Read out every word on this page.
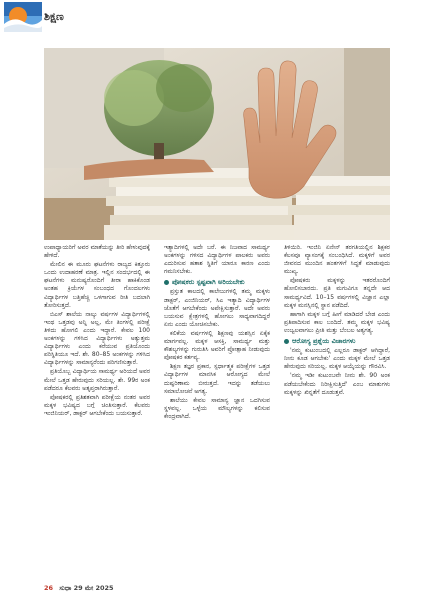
ಶಿಕ್ಷಣ

ಉಪಾಧ್ಯಾಯರಿಗೆ ಅವರ ಮಾತೆಯನ್ನು ತೀರಿ ಹೇಳುವುದಕ್ಕೆ ಹೇಳಿದೆ.

ಮೇಲಿನ ಈ ಮೂರು ಘಟನೆಗಳು ರಾಜ್ಯದ ಕಿತ್ತೂರು ಒಂದು ಉದಾಹರಣೆ ಮಾತ್ರ. ಇಲ್ಲಿನ ಸಂದರ್ಭದಲ್ಲಿ ಈ ಘಟನೆಗಳು ಮನುಷ್ಯರೊಂದಿಗೆ ತೀರಾ ಹಾಕಿಕೊಂಡ ಅಂತಹ ಕ್ರಿಯೆಗಳ ಸಂಬಂಧದ ಗೊಂದಲಗಳು ವಿದ್ಯಾರ್ಥಿಗಳ ಬತ್ತಿಹೆಚ್ಚಿ ಒಳಗಾಗುವ ರೀತಿ ಬದಲಾಗಿ ತೋರಿಸುತ್ತದೆ.

ಬಿಎಸ್ ಶಾಲೆಯ ನಾಲ್ಕು ವರ್ಷಗಳ ವಿದ್ಯಾರ್ಥಿಗಳಲ್ಲಿ ಇಂಥ ಒತ್ತಡವು ಅನ್ನಿ ಅಲ್ಲ, ಮೇ ತಿಂಗಳಲ್ಲಿ ಪರೀಕ್ಷೆ ತಿಳಿದು ಹೋಗಲಿ ಎಂದು ಇದ್ದಾರೆ. ಕೇವಲ 100 ಅಂಕಗಳನ್ನು ಗಳಿಸಿದ ವಿದ್ಯಾರ್ಥಿಗಳು ಅತ್ಯುತ್ತಮ ವಿದ್ಯಾರ್ಥಿಗಳು ಎಂದು ಕರೆಯುವ ಪ್ರತಿಯೊಂದು ಪರಿಸ್ಥಿತಿಯೂ ಇದೆ. ಶೇ. 80–85 ಅಂಕಗಳನ್ನು ಗಳಿಸಿದ ವಿದ್ಯಾರ್ಥಿಗಳನ್ನು ಸಾಮಾನ್ಯರೆಂದು ಪರಿಗಣಿಸುತ್ತಾರೆ.

ಪ್ರತಿಯೊಬ್ಬ ವಿದ್ಯಾರ್ಥಿಯ ಸಾಮರ್ಥ್ಯ ಅರಿಯದೆ ಅವರ ಮೇಲೆ ಒತ್ತಡ ಹೇರುವುದು ಸರಿಯಲ್ಲ. ಶೇ. 99ರ ಅಂಕ ಪಡೆದರೂ ಕೆಲವರು ಅತೃಪ್ತರಾಗಿರುತ್ತಾರೆ.

ಪೋಷಕರಲ್ಲಿ ಪ್ರತಿಶತವಾಗಿ ಪರೀಕ್ಷೆಯ ನಂತರ ಅವರ ಮಕ್ಕಳ ಭವಿಷ್ಯದ ಬಗ್ಗೆ ಚಿಂತಿಸುತ್ತಾರೆ. ಕೆಲವರು ಇಂಜಿನಿಯರ್, ಡಾಕ್ಟರ್ ಆಗಬೇಕೆಂದು ಬಯಸುತ್ತಾರೆ.

ಇತ್ಯಾದಿಗಳಲ್ಲಿ ಅದೇ ಬರೆ. ಈ ನಿಜವಾದ ಸಾಮರ್ಥ್ಯ ಅಂಕಗಳನ್ನು ಗಳಿಸದ ವಿದ್ಯಾರ್ಥಿಗಳ ಪಾಲಕರು ಅವರು ಎದುರಿಸುವ ಹತಾಶ ಸ್ಥಿತಿಗೆ ಯಾರೂ ಕಾರಣ ಎಂದು ಗಮನಿಸಬೇಕು.

ಪೋಷಕರು ಸ್ಪಷ್ಟವಾಗಿ ಅರಿಯಬೇಕು

ಪ್ರಸ್ತುತ ಕಾಲದಲ್ಲಿ ಕಾಲೇಜುಗಳಲ್ಲಿ ತಮ್ಮ ಮಕ್ಕಳು ಡಾಕ್ಟರ್, ಎಂಜಿನಿಯರ್, ಸಿಎ ಇತ್ಯಾದಿ ವಿದ್ಯಾರ್ಥಿಗಳ ಜೊತೆಗೆ ಆಗಬೇಕೆಂದು ಅಪೇಕ್ಷಿಸುತ್ತಾರೆ. ಅದೇ ಅವರು ಬಯಸುವ ಕ್ಷೇತ್ರಗಳಲ್ಲಿ ಹೋಗಲು ಸಾಧ್ಯವಾಗದಿದ್ದರೆ ಏನು ಎಂದು ಯೋಚಿಸಬೇಕು.

ಕಲಿಕೆಯ ವರ್ಷಗಳಲ್ಲಿ ಶಿಕ್ಷಣವು ಯಶಸ್ಸಿನ ಏಕೈಕ ಮಾರ್ಗವಲ್ಲ. ಮಕ್ಕಳ ಆಸಕ್ತಿ, ಸಾಮರ್ಥ್ಯ ಮತ್ತು ಕೌಶಲ್ಯಗಳನ್ನು ಗುರುತಿಸಿ ಅವರಿಗೆ ಪ್ರೋತ್ಸಾಹ ನೀಡುವುದು ಪೋಷಕರ ಕರ್ತವ್ಯ.

ಶಿಕ್ಷಣ ತಜ್ಞರ ಪ್ರಕಾರ, ಸ್ಪರ್ಧಾತ್ಮಕ ಪರೀಕ್ಷೆಗಳ ಒತ್ತಡ ವಿದ್ಯಾರ್ಥಿಗಳ ಮಾನಸಿಕ ಆರೋಗ್ಯದ ಮೇಲೆ ದುಷ್ಪರಿಣಾಮ ಬೀರುತ್ತದೆ. ಇದನ್ನು ತಡೆಯಲು ಸಮಾಲೋಚನೆ ಅಗತ್ಯ.

ಶಾಲೆಯು ಕೇವಲ ಸಾಮಾನ್ಯ ಜ್ಞಾನ ಒದಗಿಸುವ ಸ್ಥಳವಲ್ಲ. ಒಳ್ಳೆಯ ಮೌಲ್ಯಗಳನ್ನು ಕಲಿಸುವ ಕೇಂದ್ರವಾಗಿದೆ.

ತಿಳಿಯಿರಿ. ಇಂಜಿನಿ ಏನೇನ್ ತರಗತಿಯಲ್ಲಿನ ಶಿಕ್ಷಕರ ಕೆಲಸವೂ ವ್ಯಾಸಂಗಕ್ಕೆ ಸಂಬಂಧಿಸಿದೆ. ಮಕ್ಕಳಿಗೆ ಅವರ ಜೀವನದ ಮುಂದಿನ ಹಂತಗಳಿಗೆ ಸಿದ್ಧತೆ ಮಾಡುವುದು ಮುಖ್ಯ.

ಪೋಷಕರು ಮಕ್ಕಳನ್ನು ಇತರರೊಂದಿಗೆ ಹೋಲಿಸಬಾರದು. ಪ್ರತಿ ಮಗುವಿಗೂ ತನ್ನದೇ ಆದ ಸಾಮರ್ಥ್ಯವಿದೆ. 10–15 ವರ್ಷಗಳಲ್ಲಿ ವಿಜ್ಞಾನ ಎಲ್ಲಾ ಮಕ್ಕಳ ಮನಸ್ಸಿನಲ್ಲಿ ಸ್ಥಾನ ಪಡೆದಿದೆ.

ಹಾಗಾಗಿ ಮಕ್ಕಳ ಬಗ್ಗೆ ಹೀಗೆ ಮಾಡಿದರೆ ಬೇಡ ಎಂದು ಪ್ರತಿಪಾದಿಸುವ ಕಾಲ ಬಂದಿದೆ. ತಮ್ಮ ಮಕ್ಕಳ ಭವಿಷ್ಯ ಉಜ್ವಲವಾಗಲು ಪ್ರೀತಿ ಮತ್ತು ಬೆಂಬಲ ಅತ್ಯಗತ್ಯ.

ಆರೋಗ್ಯ ಪ್ರಶ್ನೆಯ ವಿಚಾರಗಳು

'ನಮ್ಮ ಕುಟುಂಬದಲ್ಲಿ ಎಲ್ಲರೂ ಡಾಕ್ಟರ್ ಆಗಿದ್ದಾರೆ, ನೀನು ಕೂಡ ಆಗಬೇಕು' ಎಂದು ಮಕ್ಕಳ ಮೇಲೆ ಒತ್ತಡ ಹೇರುವುದು ಸರಿಯಲ್ಲ. ಮಕ್ಕಳ ಆಯ್ಕೆಯನ್ನು ಗೌರವಿಸಿ.

'ನಮ್ಮ ಇಡೀ ಕುಟುಂಬವೇ ನೀನು ಶೇ. 90 ಅಂಕ ಪಡೆಯಬೇಕೆಂದು ನಿರೀಕ್ಷಿಸುತ್ತಿದೆ' ಎಂಬ ಮಾತುಗಳು ಮಕ್ಕಳನ್ನು ಖಿನ್ನತೆಗೆ ದೂಡುತ್ತವೆ.

26 ಸುಧಾ 29 ಮೇ 2025
